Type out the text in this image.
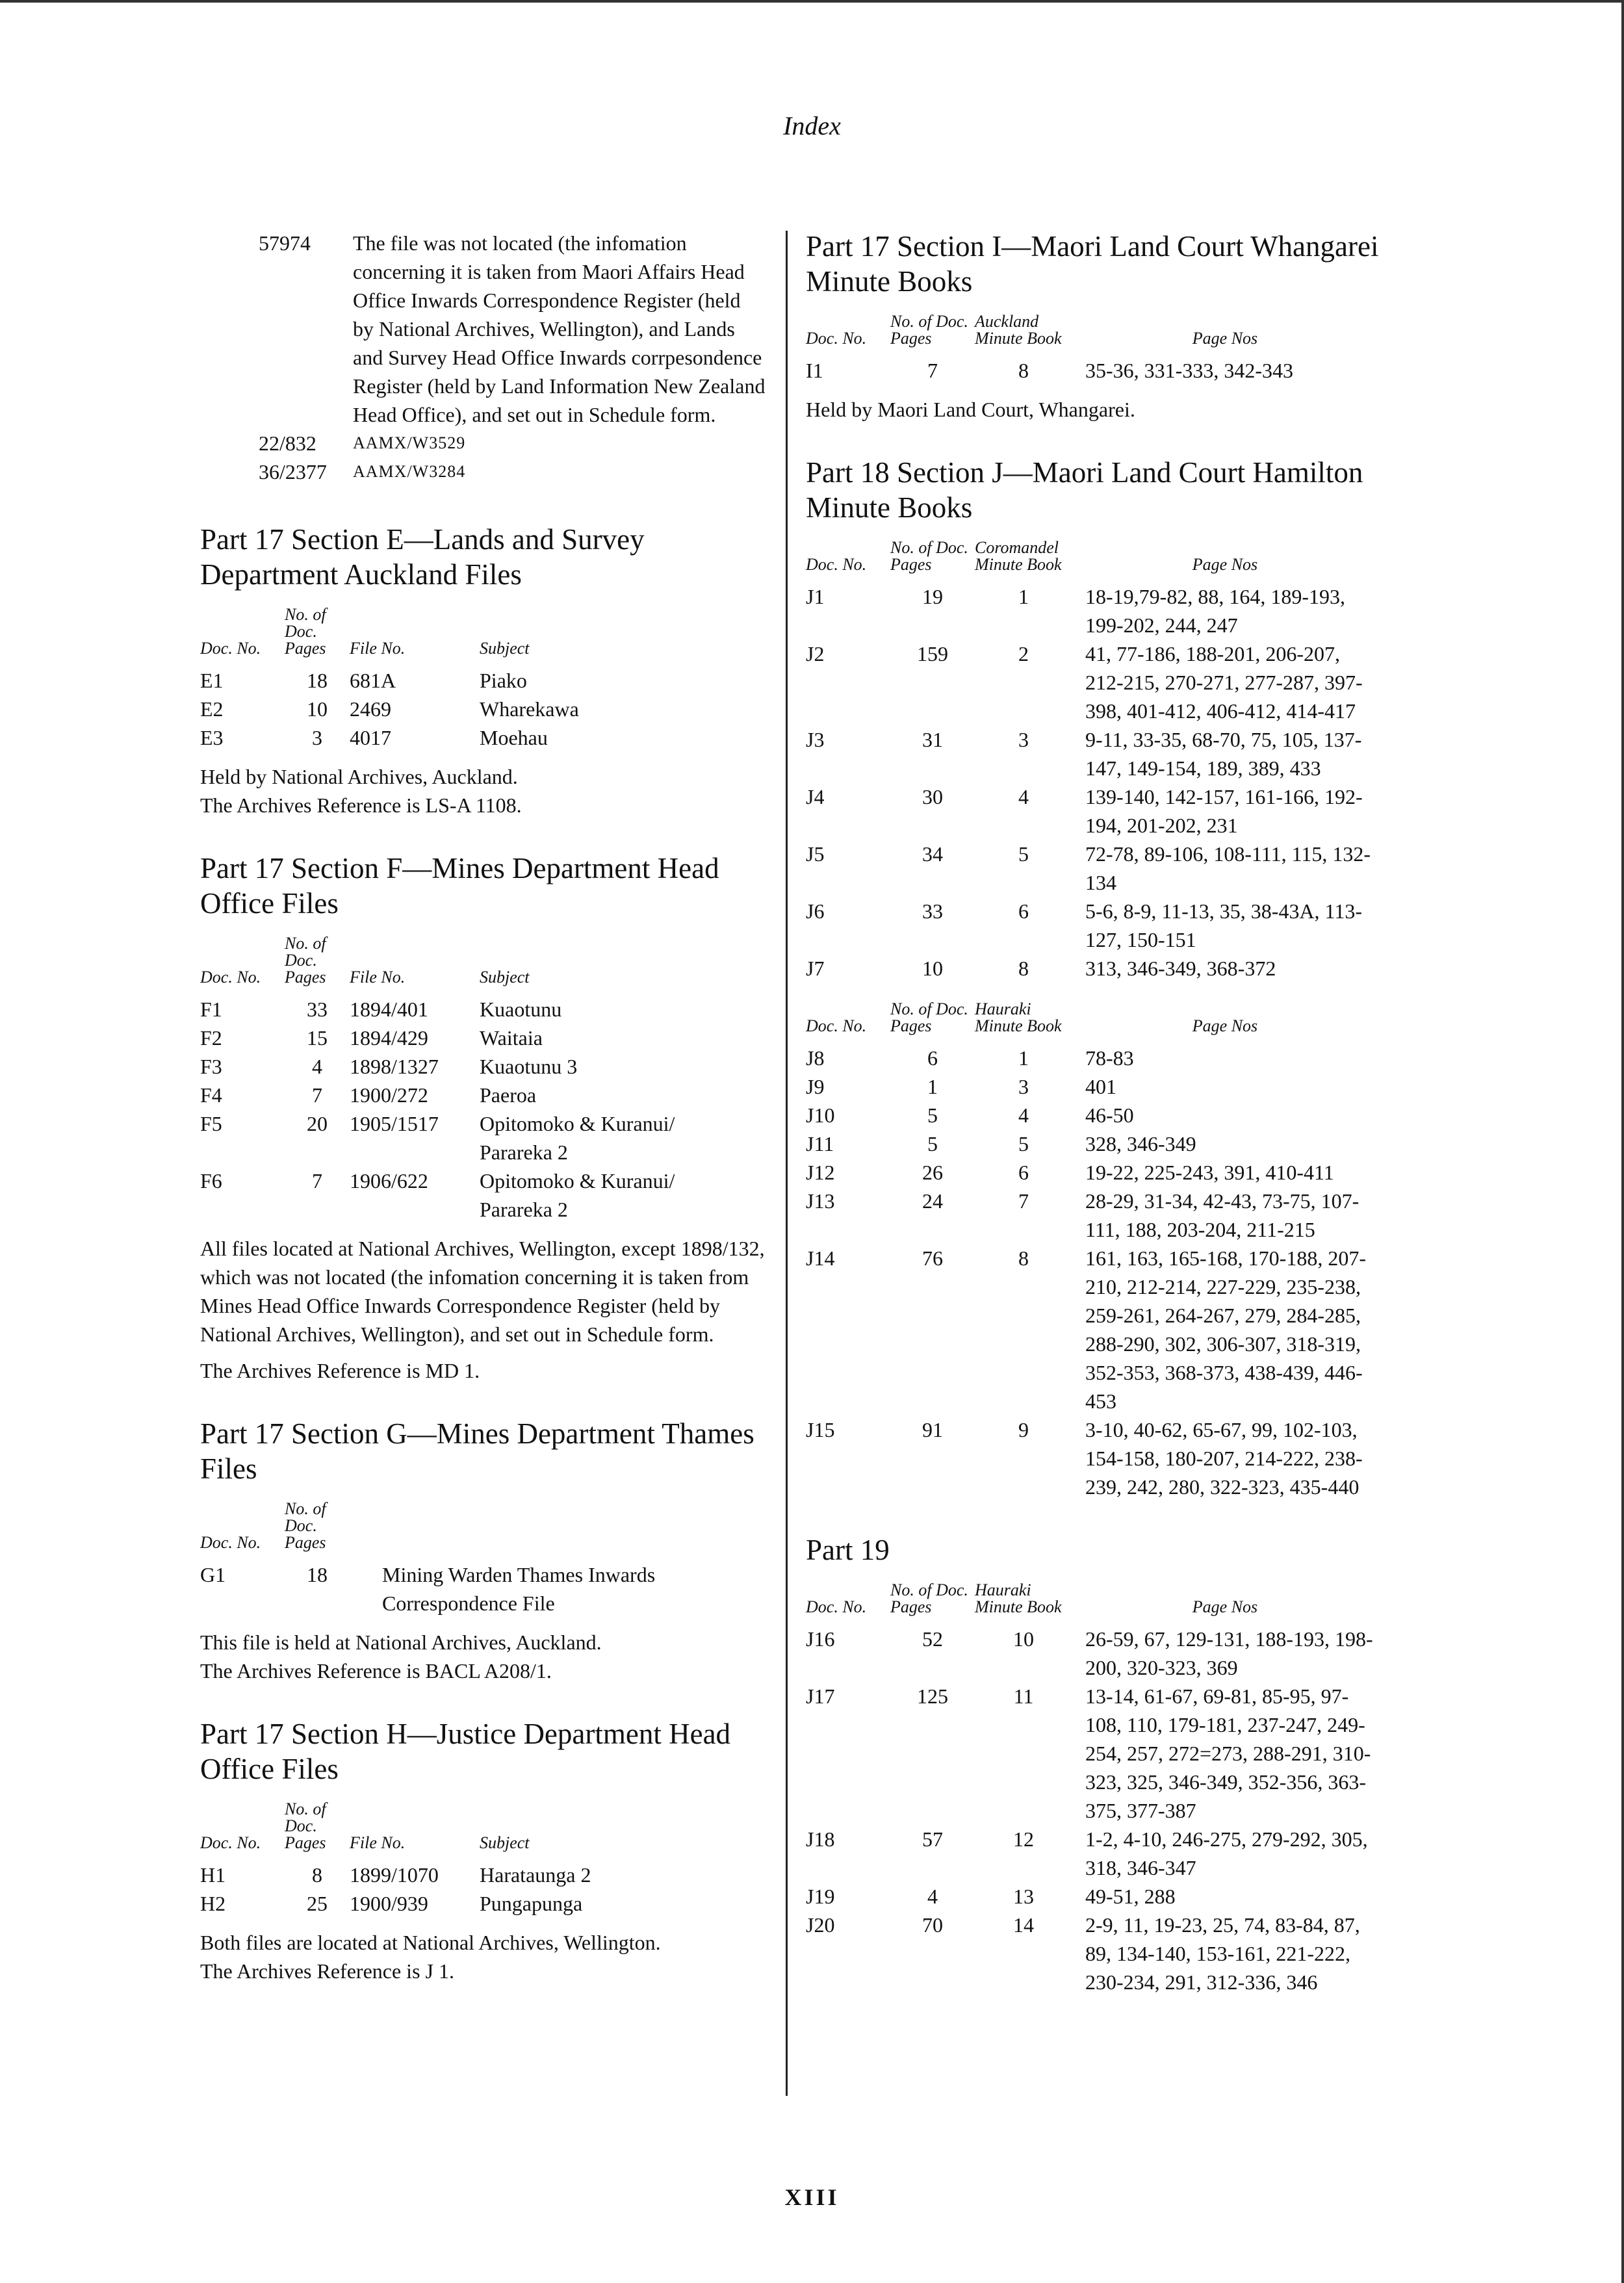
Index
57974	The file was not located (the infomation concerning it is taken from Maori Affairs Head Office Inwards Correspondence Register (held by National Archives, Wellington), and Lands and Survey Head Office Inwards corrpesondence Register (held by Land Information New Zealand Head Office), and set out in Schedule form.
22/832	AAMX/W3529
36/2377	AAMX/W3284
Part 17 Section E—Lands and Survey Department Auckland Files
Doc. No.	No. of Doc. Pages	File No.	Subject
E1	18	681A	Piako
E2	10	2469	Wharekawa
E3	3	4017	Moehau
Held by National Archives, Auckland.
The Archives Reference is LS-A 1108.
Part 17 Section F—Mines Department Head Office Files
Doc. No.	No. of Doc. Pages	File No.	Subject
F1	33	1894/401	Kuaotunu
F2	15	1894/429	Waitaia
F3	4	1898/1327	Kuaotunu 3
F4	7	1900/272	Paeroa
F5	20	1905/1517	Opitomoko & Kuranui/ Parareka 2
F6	7	1906/622	Opitomoko & Kuranui/ Parareka 2

All files located at National Archives, Wellington, except 1898/132, which was not located (the infomation concerning it is taken from Mines Head Office Inwards Correspondence Register (held by National Archives, Wellington), and set out in Schedule form.

The Archives Reference is MD 1.

Part 17 Section G—Mines Department Thames Files
Doc. No.	No. of Doc. Pages	
G1	18	Mining Warden Thames Inwards Correspondence File
This file is held at National Archives, Auckland.
The Archives Reference is BACL A208/1.
Part 17 Section H—Justice Department Head Office Files
Doc. No.	No. of Doc. Pages	File No.	Subject
H1	8	1899/1070	Harataunga 2
H2	25	1900/939	Pungapunga
Both files are located at National Archives, Wellington.
The Archives Reference is J 1.
Part 17 Section I—Maori Land Court Whangarei Minute Books
Doc. No.	No. of Doc. Pages	Auckland Minute Book	Page Nos
I1	7	8	35-36, 331-333, 342-343
Held by Maori Land Court, Whangarei.
Part 18 Section J—Maori Land Court Hamilton Minute Books
Doc. No.	No. of Doc. Pages	Coromandel Minute Book	Page Nos
J1	19	1	18-19,79-82, 88, 164, 189-193, 199-202, 244, 247
J2	159	2	41, 77-186, 188-201, 206-207, 212-215, 270-271, 277-287, 397-398, 401-412, 406-412, 414-417
J3	31	3	9-11, 33-35, 68-70, 75, 105, 137-147, 149-154, 189, 389, 433
J4	30	4	139-140, 142-157, 161-166, 192-194, 201-202, 231
J5	34	5	72-78, 89-106, 108-111, 115, 132-134
J6	33	6	5-6, 8-9, 11-13, 35, 38-43A, 113-127, 150-151
J7	10	8	313, 346-349, 368-372

Doc. No.	No. of Doc. Pages	Hauraki Minute Book	Page Nos
J8	6	1	78-83
J9	1	3	401
J10	5	4	46-50
J11	5	5	328, 346-349
J12	26	6	19-22, 225-243, 391, 410-411
J13	24	7	28-29, 31-34, 42-43, 73-75, 107-111, 188, 203-204, 211-215
J14	76	8	161, 163, 165-168, 170-188, 207-210, 212-214, 227-229, 235-238, 259-261, 264-267, 279, 284-285, 288-290, 302, 306-307, 318-319, 352-353, 368-373, 438-439, 446-453
J15	91	9	3-10, 40-62, 65-67, 99, 102-103, 154-158, 180-207, 214-222, 238-239, 242, 280, 322-323, 435-440
Part 19
Doc. No.	No. of Doc. Pages	Hauraki Minute Book	Page Nos
J16	52	10	26-59, 67, 129-131, 188-193, 198-200, 320-323, 369
J17	125	11	13-14, 61-67, 69-81, 85-95, 97-108, 110, 179-181, 237-247, 249-254, 257, 272=273, 288-291, 310-323, 325, 346-349, 352-356, 363-375, 377-387
J18	57	12	1-2, 4-10, 246-275, 279-292, 305, 318, 346-347
J19	4	13	49-51, 288
J20	70	14	2-9, 11, 19-23, 25, 74, 83-84, 87, 89, 134-140, 153-161, 221-222, 230-234, 291, 312-336, 346
XIII
